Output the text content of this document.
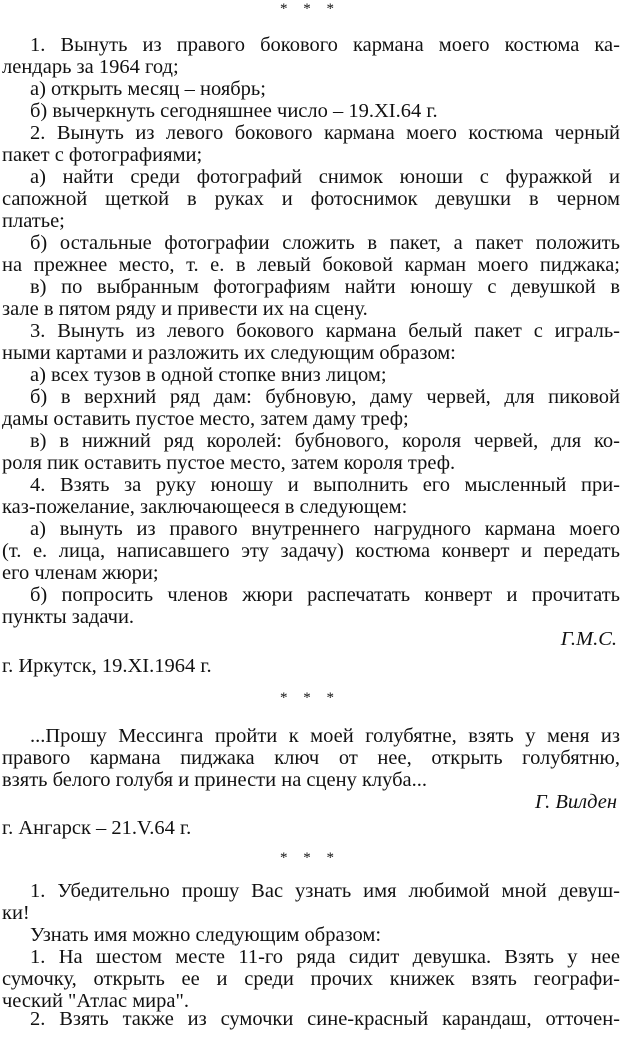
* * *
1. Вынуть из правого бокового кармана моего костюма ка-
лендарь за 1964 год;
а) открыть месяц – ноябрь;
б) вычеркнуть сегодняшнее число – 19.XI.64 г.
2. Вынуть из левого бокового кармана моего костюма черный
пакет с фотографиями;
а) найти среди фотографий снимок юноши с фуражкой и
сапожной щеткой в руках и фотоснимок девушки в черном
платье;
б) остальные фотографии сложить в пакет, а пакет положить
на прежнее место, т. е. в левый боковой карман моего пиджака;
в) по выбранным фотографиям найти юношу с девушкой в
зале в пятом ряду и привести их на сцену.
3. Вынуть из левого бокового кармана белый пакет с играль-
ными картами и разложить их следующим образом:
а) всех тузов в одной стопке вниз лицом;
б) в верхний ряд дам: бубновую, даму червей, для пиковой
дамы оставить пустое место, затем даму треф;
в) в нижний ряд королей: бубнового, короля червей, для ко-
роля пик оставить пустое место, затем короля треф.
4. Взять за руку юношу и выполнить его мысленный при-
каз-пожелание, заключающееся в следующем:
а) вынуть из правого внутреннего нагрудного кармана моего
(т. е. лица, написавшего эту задачу) костюма конверт и передать
его членам жюри;
б) попросить членов жюри распечатать конверт и прочитать
пункты задачи.
Г.М.С.
г. Иркутск, 19.XI.1964 г.
* * *
...Прошу Мессинга пройти к моей голубятне, взять у меня из
правого кармана пиджака ключ от нее, открыть голубятню,
взять белого голубя и принести на сцену клуба...
Г. Вилден
г. Ангарск – 21.V.64 г.
* * *
1. Убедительно прошу Вас узнать имя любимой мной девуш-
ки!
Узнать имя можно следующим образом:
1. На шестом месте 11-го ряда сидит девушка. Взять у нее
сумочку, открыть ее и среди прочих книжек взять географи-
ческий "Атлас мира".
2. Взять также из сумочки сине-красный карандаш, отточен-
